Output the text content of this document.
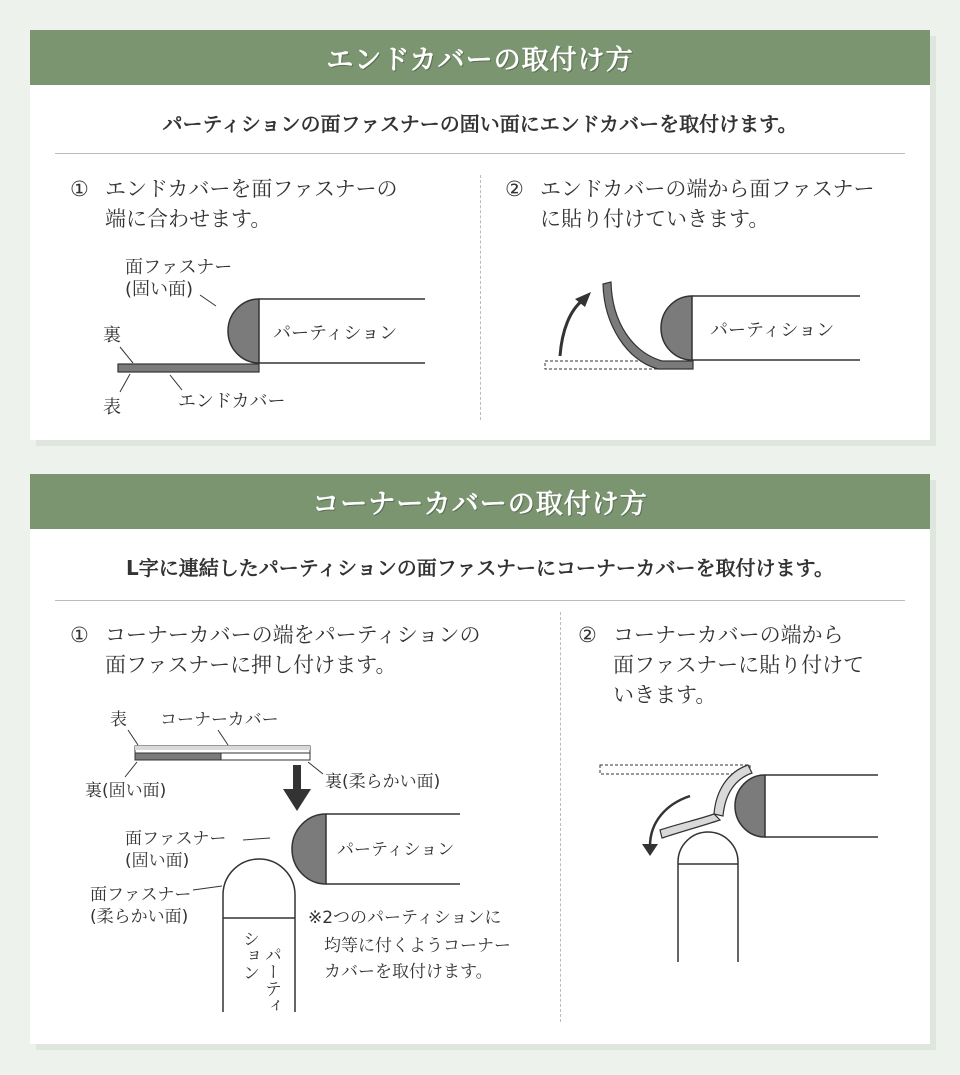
エンドカバーの取付け方
パーティションの面ファスナーの固い面にエンドカバーを取付けます。
① エンドカバーを面ファスナーの
端に合わせます。
② エンドカバーの端から面ファスナー
に貼り付けていきます。
面ファスナー
(固い面)
パーティション
裏
表	エンドカバー
パーティション
コーナーカバーの取付け方
L字に連結したパーティションの面ファスナーにコーナーカバーを取付けます。
① コーナーカバーの端をパーティションの
面ファスナーに押し付けます。
② コーナーカバーの端から
面ファスナーに貼り付けて
いきます。
表 コーナーカバー
裏(固い面)	裏(柔らかい面)
パーティション
面ファスナー
(固い面)
面ファスナー
(柔らかい面)
パーティ
ション
※2つのパーティションに
均等に付くようコーナー
カバーを取付けます。
